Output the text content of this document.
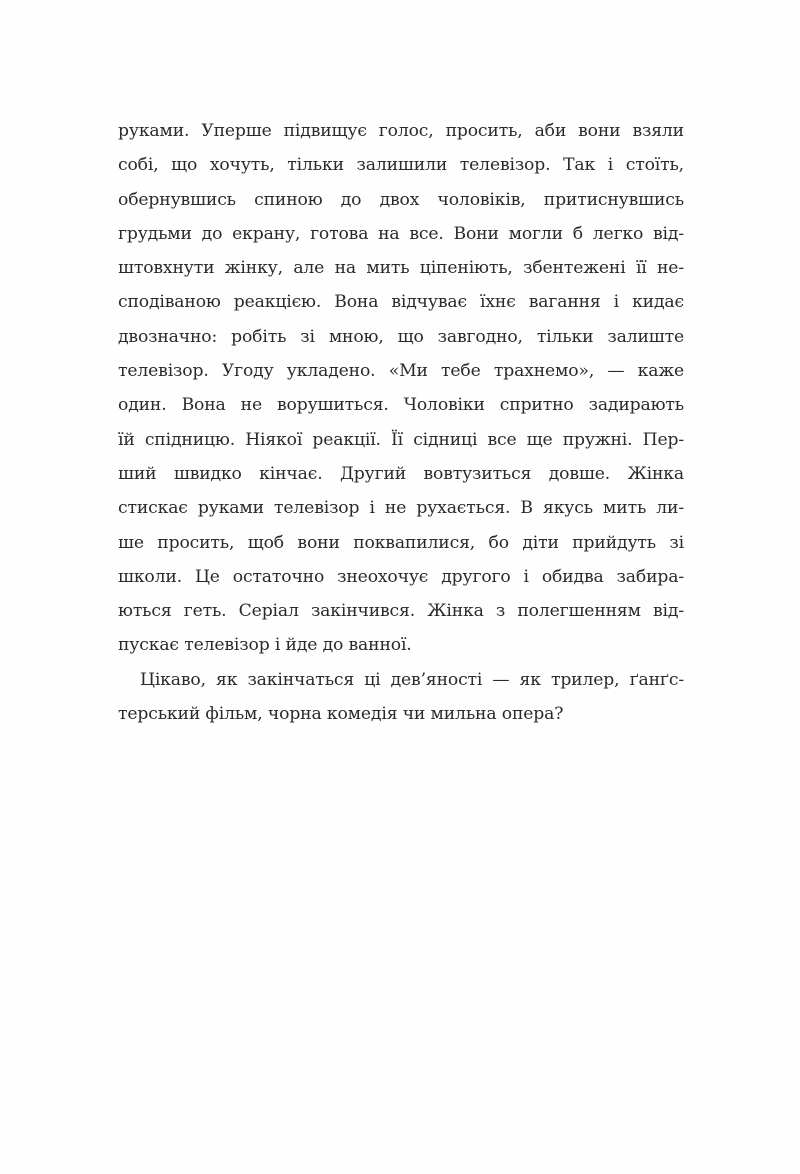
руками. Уперше підвищує голос, просить, аби вони взяли
собі, що хочуть, тільки залишили телевізор. Так і стоїть,
обернувшись спиною до двох чоловіків, притиснувшись
грудьми до екрану, готова на все. Вони могли б легко від-
штовхнути жінку, але на мить ціпеніють, збентежені її не-
сподіваною реакцією. Вона відчуває їхнє вагання і кидає
двозначно: робіть зі мною, що завгодно, тільки залиште
телевізор. Угоду укладено. «Ми тебе трахнемо», — каже
один. Вона не ворушиться. Чоловіки спритно задирають
їй спідницю. Ніякої реакції. Її сідниці все ще пружні. Пер-
ший швидко кінчає. Другий вовтузиться довше. Жінка
стискає руками телевізор і не рухається. В якусь мить ли-
ше просить, щоб вони поквапилися, бо діти прийдуть зі
школи. Це остаточно знеохочує другого і обидва забира-
ються геть. Серіал закінчився. Жінка з полегшенням від-
пускає телевізор і йде до ванної.
Цікаво, як закінчаться ці дев’яності — як трилер, ґанґс-
терський фільм, чорна комедія чи мильна опера?
